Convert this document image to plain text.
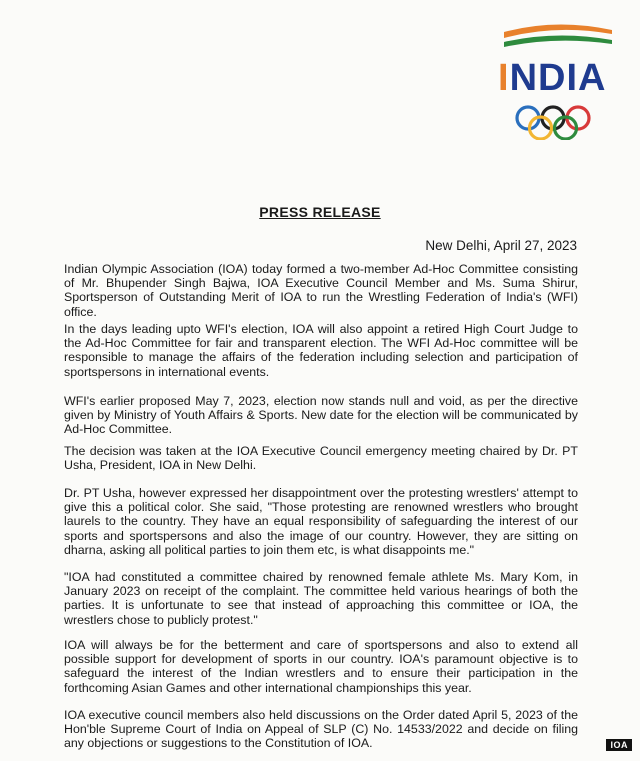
INDIA
PRESS RELEASE
New Delhi, April 27, 2023
Indian Olympic Association (IOA) today formed a two-member Ad-Hoc Committee consisting of Mr. Bhupender Singh Bajwa, IOA Executive Council Member and Ms. Suma Shirur, Sportsperson of Outstanding Merit of IOA to run the Wrestling Federation of India's (WFI) office.
In the days leading upto WFI's election, IOA will also appoint a retired High Court Judge to the Ad-Hoc Committee for fair and transparent election. The WFI Ad-Hoc committee will be responsible to manage the affairs of the federation including selection and participation of sportspersons in international events.
WFI's earlier proposed May 7, 2023, election now stands null and void, as per the directive given by Ministry of Youth Affairs & Sports. New date for the election will be communicated by Ad-Hoc Committee.
The decision was taken at the IOA Executive Council emergency meeting chaired by Dr. PT Usha, President, IOA in New Delhi.
Dr. PT Usha, however expressed her disappointment over the protesting wrestlers' attempt to give this a political color. She said, "Those protesting are renowned wrestlers who brought laurels to the country. They have an equal responsibility of safeguarding the interest of our sports and sportspersons and also the image of our country. However, they are sitting on dharna, asking all political parties to join them etc, is what disappoints me."
"IOA had constituted a committee chaired by renowned female athlete Ms. Mary Kom, in January 2023 on receipt of the complaint. The committee held various hearings of both the parties. It is unfortunate to see that instead of approaching this committee or IOA, the wrestlers chose to publicly protest."
IOA will always be for the betterment and care of sportspersons and also to extend all possible support for development of sports in our country. IOA's paramount objective is to safeguard the interest of the Indian wrestlers and to ensure their participation in the forthcoming Asian Games and other international championships this year.
IOA executive council members also held discussions on the Order dated April 5, 2023 of the Hon'ble Supreme Court of India on Appeal of SLP (C) No. 14533/2022 and decide on filing any objections or suggestions to the Constitution of IOA.	IOA
